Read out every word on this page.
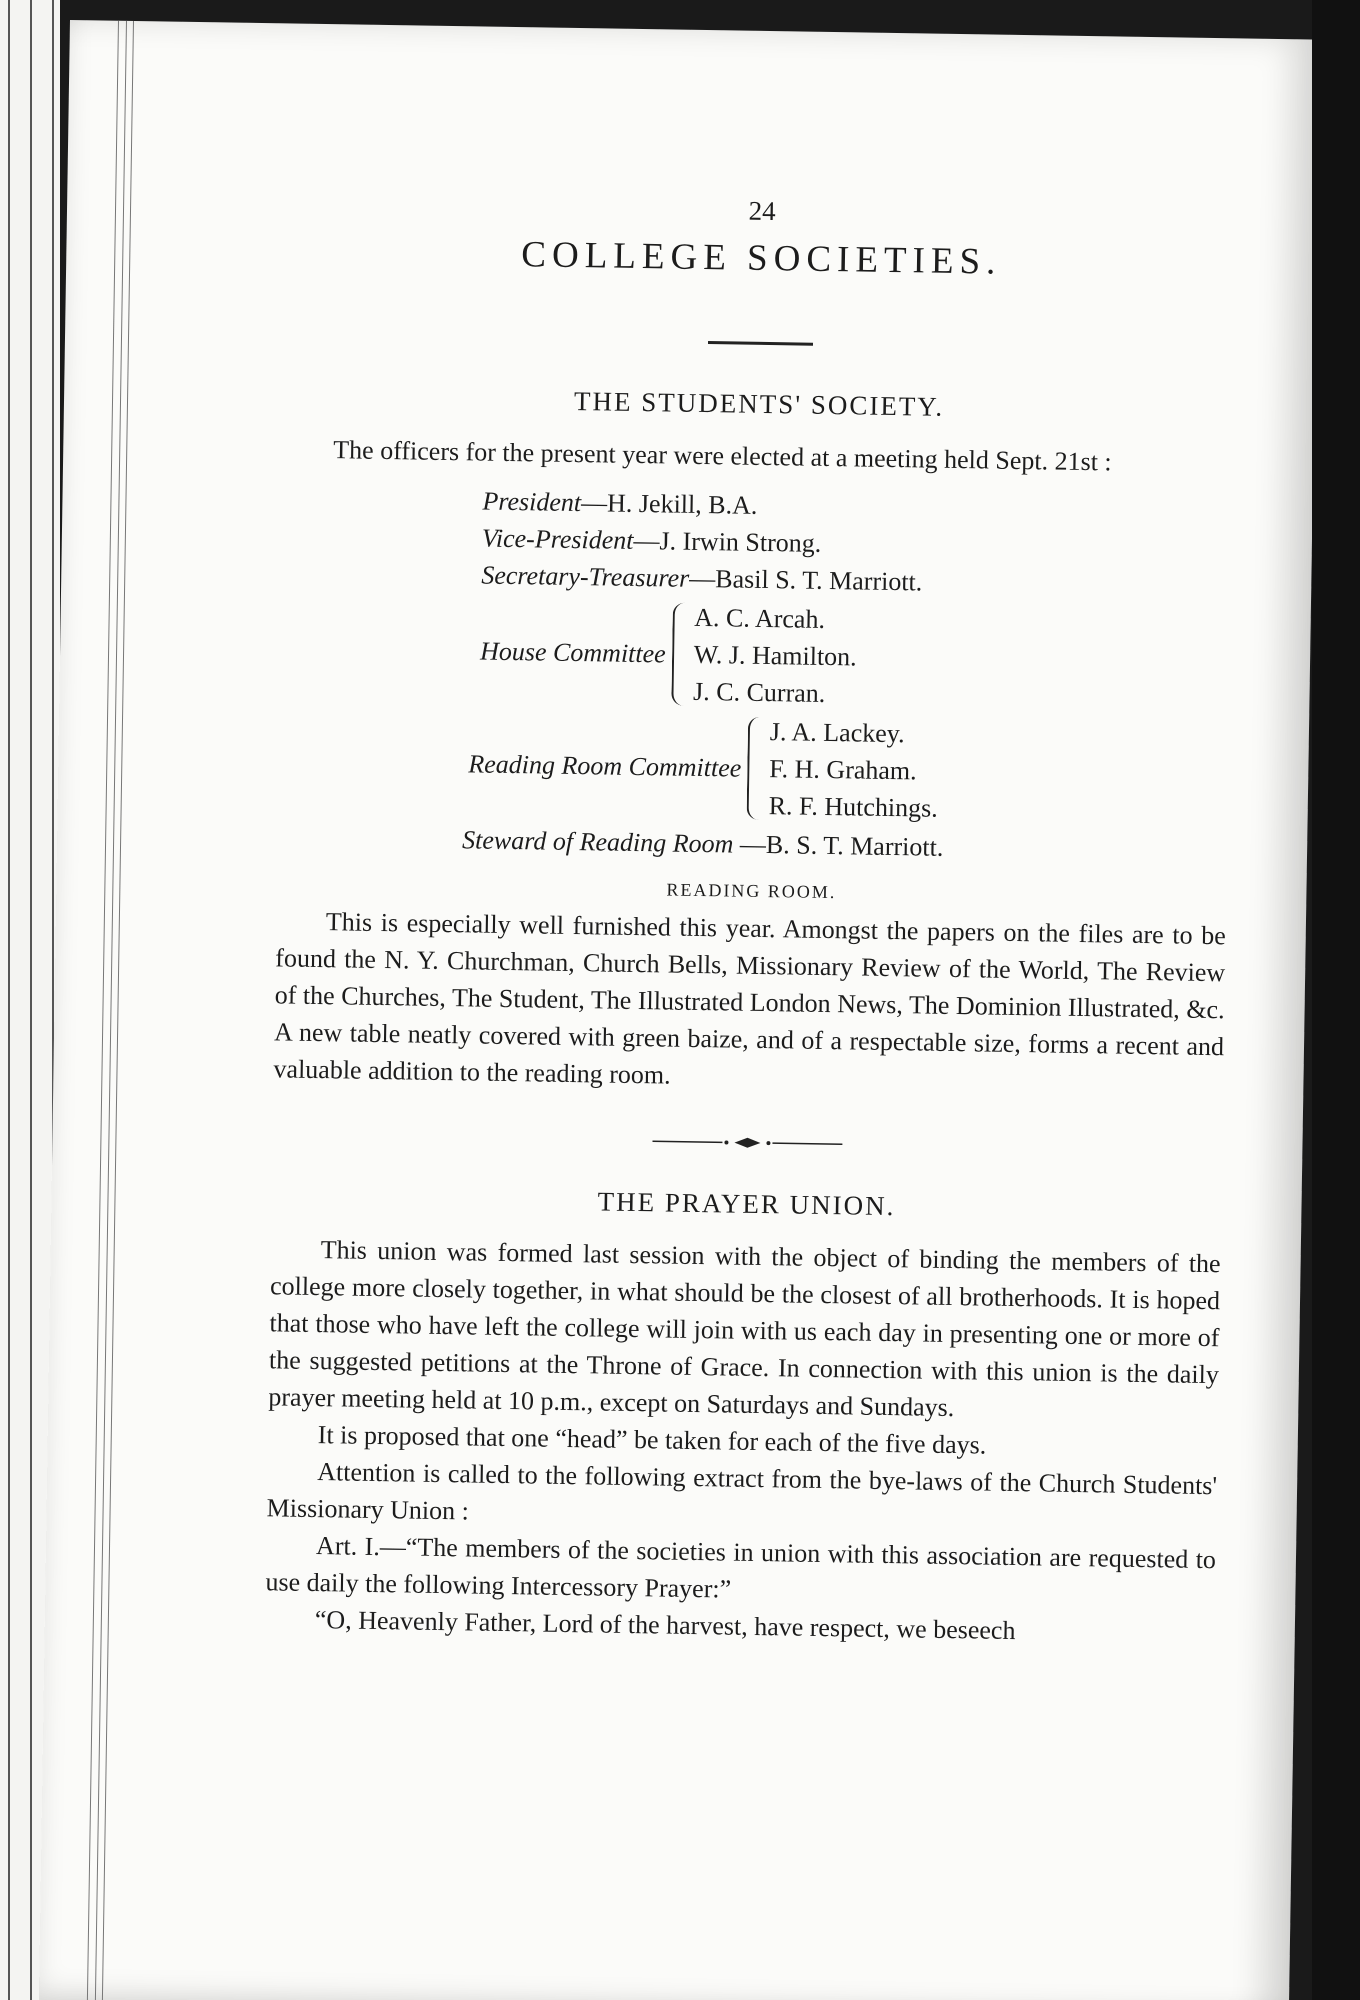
24
COLLEGE SOCIETIES.
THE STUDENTS' SOCIETY.

The officers for the present year were elected at a meeting held Sept. 21st :

President—H. Jekill, B.A.
Vice-President—J. Irwin Strong.
Secretary-Treasurer—Basil S. T. Marriott.
House Committee
A. C. Arcah.
W. J. Hamilton.
J. C. Curran.
Reading Room Committee
J. A. Lackey.
F. H. Graham.
R. F. Hutchings.
Steward of Reading Room —B. S. T. Marriott.
READING ROOM.

This is especially well furnished this year. Amongst the papers on the files are to be found the N. Y. Churchman, Church Bells, Missionary Review of the World, The Review of the Churches, The Student, The Illustrated London News, The Dominion Illustrated, &c. A new table neatly covered with green baize, and of a respectable size, forms a recent and valuable addition to the reading room.

THE PRAYER UNION.

This union was formed last session with the object of binding the members of the college more closely together, in what should be the closest of all brotherhoods. It is hoped that those who have left the college will join with us each day in presenting one or more of the suggested petitions at the Throne of Grace. In connection with this union is the daily prayer meeting held at 10 p.m., except on Saturdays and Sundays.

It is proposed that one “head” be taken for each of the five days.

Attention is called to the following extract from the bye-laws of the Church Students' Missionary Union :

Art. I.—“The members of the societies in union with this association are requested to use daily the following Intercessory Prayer:”

“O, Heavenly Father, Lord of the harvest, have respect, we beseech
